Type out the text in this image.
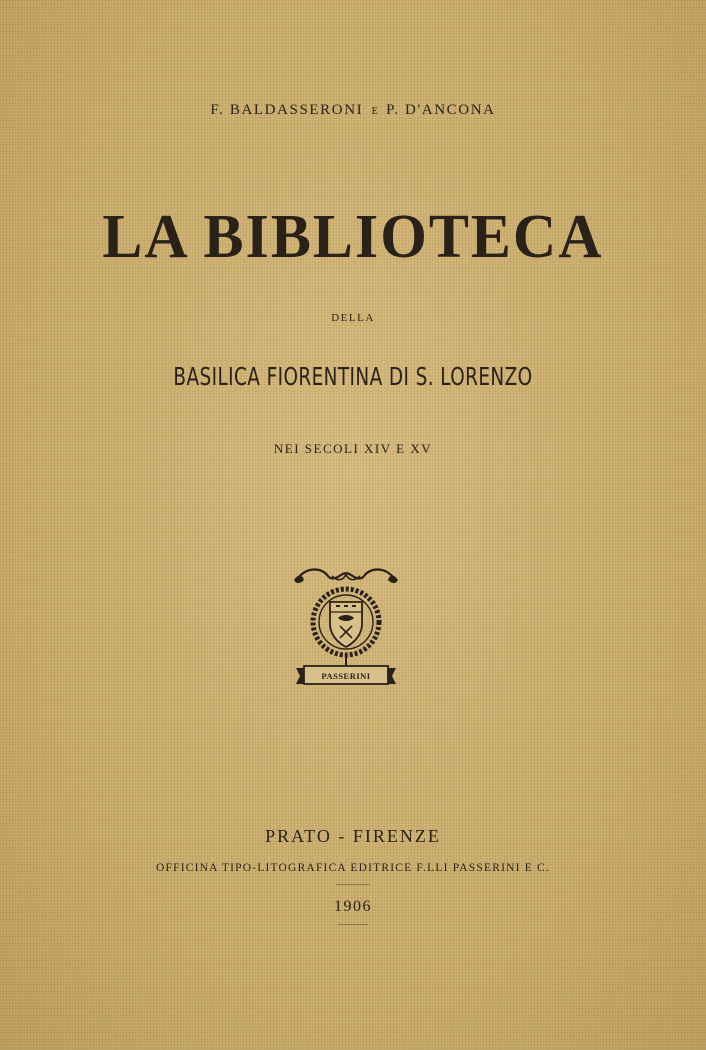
F. BALDASSERONI E P. D'ANCONA
LA BIBLIOTECA
DELLA
BASILICA FIORENTINA DI S. LORENZO
NEI SECOLI XIV E XV
PASSERINI
PRATO - FIRENZE
OFFICINA TIPO-LITOGRAFICA EDITRICE F.LLI PASSERINI E C.
1906
